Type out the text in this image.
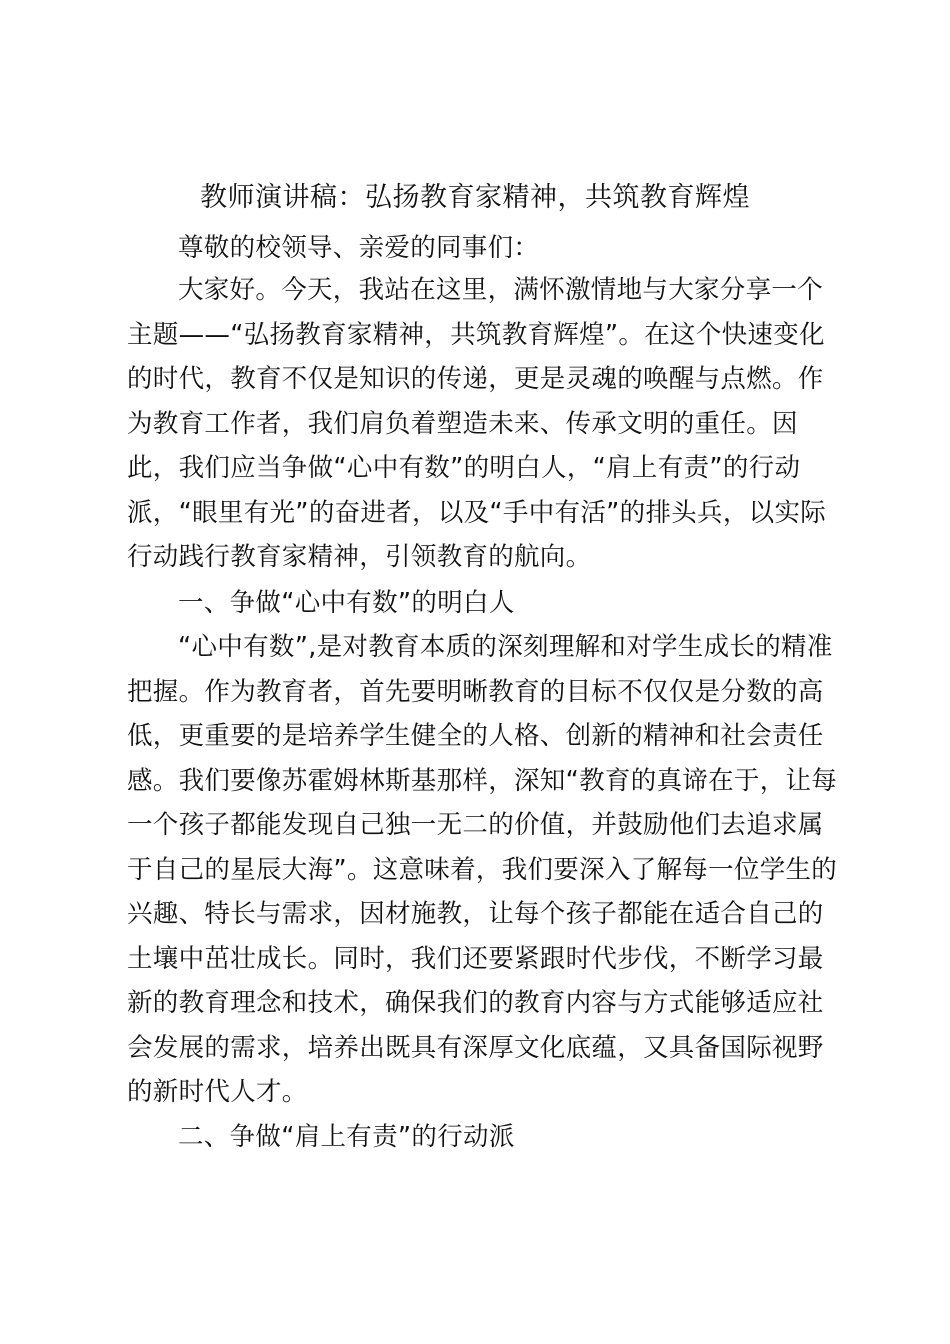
教师演讲稿：弘扬教育家精神，共筑教育辉煌
尊敬的校领导、亲爱的同事们：
大家好。今天，我站在这里，满怀激情地与大家分享一个
主题——“弘扬教育家精神，共筑教育辉煌”。在这个快速变化
的时代，教育不仅是知识的传递，更是灵魂的唤醒与点燃。作
为教育工作者，我们肩负着塑造未来、传承文明的重任。因
此，我们应当争做“心中有数”的明白人，“肩上有责”的行动
派，“眼里有光”的奋进者，以及“手中有活”的排头兵，以实际
行动践行教育家精神，引领教育的航向。
一、争做“心中有数”的明白人
“心中有数”,是对教育本质的深刻理解和对学生成长的精准
把握。作为教育者，首先要明晰教育的目标不仅仅是分数的高
低，更重要的是培养学生健全的人格、创新的精神和社会责任
感。我们要像苏霍姆林斯基那样，深知“教育的真谛在于，让每
一个孩子都能发现自己独一无二的价值，并鼓励他们去追求属
于自己的星辰大海”。这意味着，我们要深入了解每一位学生的
兴趣、特长与需求，因材施教，让每个孩子都能在适合自己的
土壤中茁壮成长。同时，我们还要紧跟时代步伐，不断学习最
新的教育理念和技术，确保我们的教育内容与方式能够适应社
会发展的需求，培养出既具有深厚文化底蕴，又具备国际视野
的新时代人才。
二、争做“肩上有责”的行动派
